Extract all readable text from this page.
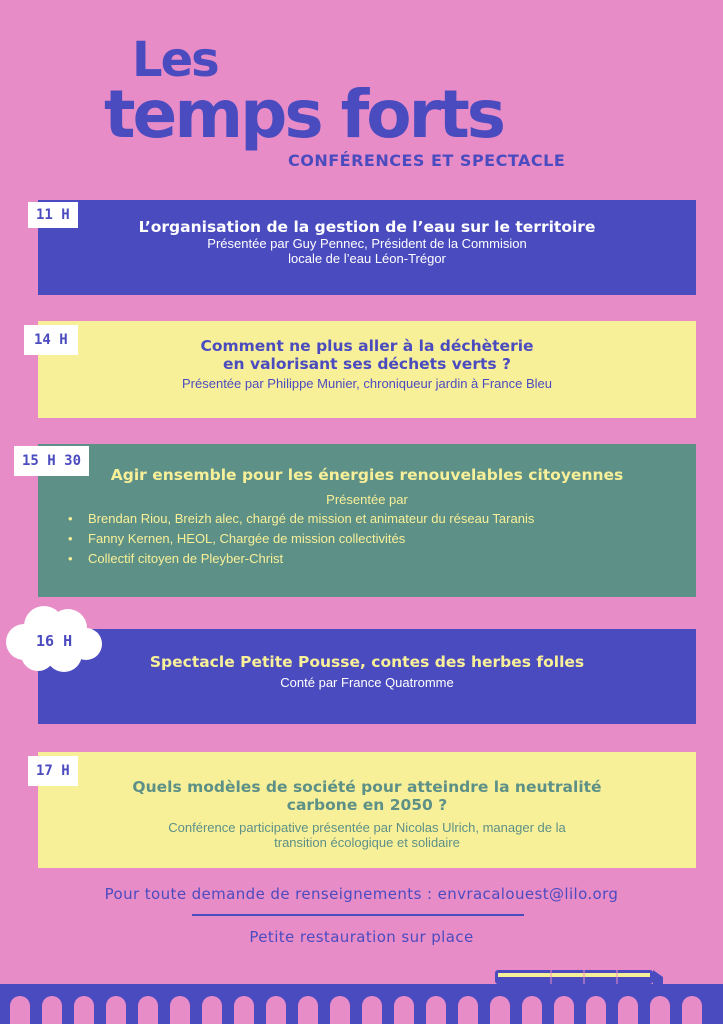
Les
temps forts
CONFÉRENCES ET SPECTACLE
L’organisation de la gestion de l’eau sur le territoire
Présentée par Guy Pennec, Président de la Commision
locale de l’eau Léon-Trégor
11 H
Comment ne plus aller à la déchèterie
en valorisant ses déchets verts ?
Présentée par Philippe Munier, chroniqueur jardin à France Bleu
14 H
Agir ensemble pour les énergies renouvelables citoyennes
Présentée par
• Brendan Riou, Breizh alec, chargé de mission et animateur du réseau Taranis
• Fanny Kernen, HEOL, Chargée de mission collectivités
• Collectif citoyen de Pleyber-Christ
15 H 30
Spectacle Petite Pousse, contes des herbes folles
Conté par France Quatromme
16 H
Quels modèles de société pour atteindre la neutralité
carbone en 2050 ?
Conférence participative présentée par Nicolas Ulrich, manager de la
transition écologique et solidaire
17 H
Pour toute demande de renseignements : envracalouest@lilo.org
Petite restauration sur place
